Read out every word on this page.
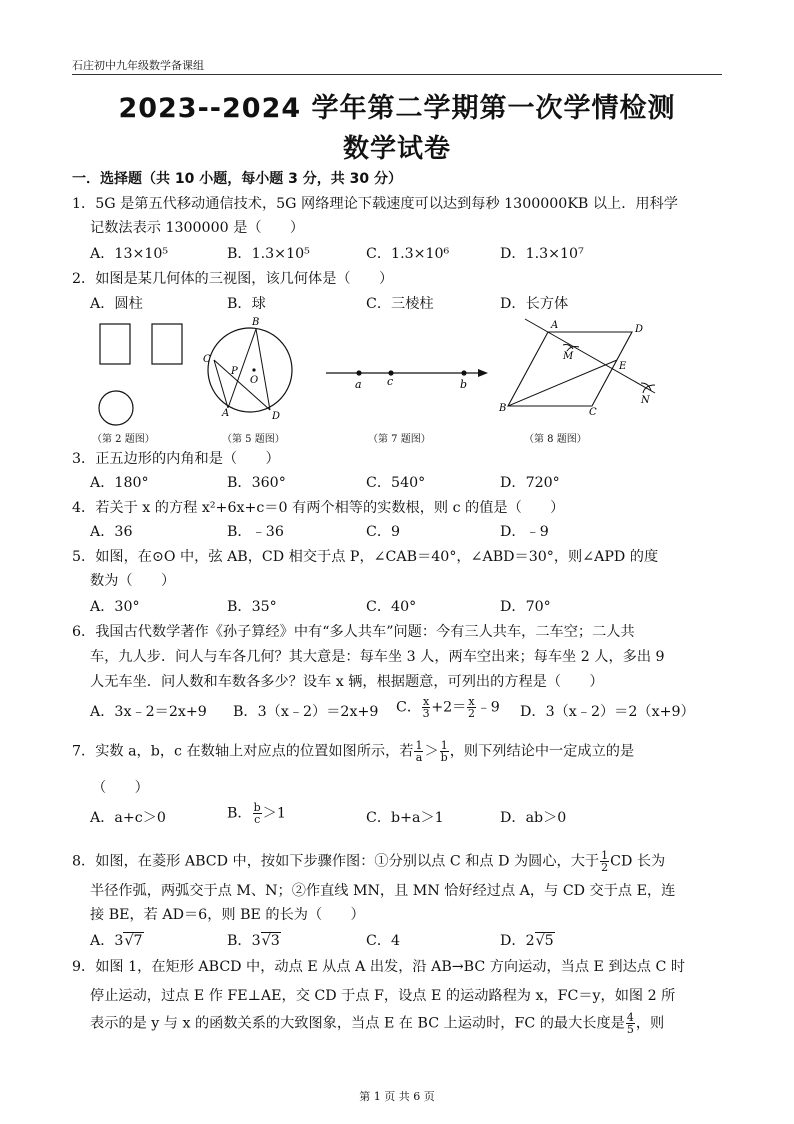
石庄初中九年级数学备课组
2023--2024 学年第二学期第一次学情检测
数学试卷
一．选择题（共 10 小题，每小题 3 分，共 30 分）
1．5G 是第五代移动通信技术，5G 网络理论下载速度可以达到每秒 1300000KB 以上．用科学
记数法表示 1300000 是（　　）
A．13×10⁵	B．1.3×10⁵	C．1.3×10⁶	D．1.3×10⁷
2．如图是某几何体的三视图，该几何体是（　　）
A．圆柱	B．球	C．三棱柱	D．长方体
（第 2 题图）
B
C
P
O
A	D
（第 5 题图）
a c	b
（第 7 题图）
A	D
M
E
B	C
N
（第 8 题图）
3．正五边形的内角和是（　　）
A．180°	B．360°	C．540°	D．720°
4．若关于 x 的方程 x²+6x+c＝0 有两个相等的实数根，则 c 的值是（　　）
A．36	B．﹣36	C．9	D．﹣9
5．如图，在⊙O 中，弦 AB，CD 相交于点 P，∠CAB＝40°，∠ABD＝30°，则∠APD 的度
数为（　　）
A．30°	B．35°	C．40°	D．70°
6．我国古代数学著作《孙子算经》中有“多人共车”问题：今有三人共车，二车空；二人共
车，九人步．问人与车各几何？其大意是：每车坐 3 人，两车空出来；每车坐 2 人，多出 9
人无车坐．问人数和车数各多少？设车 x 辆，根据题意，可列出的方程是（　　）
A．3x﹣2＝2x+9 B．3（x﹣2）＝2x+9 C． $\frac{x}{3} +2= \frac{x}{2}$ ﹣9 D．3（x﹣2）＝2（x+9）
7．实数 a，b，c 在数轴上对应点的位置如图所示，若 $\frac{1}{a} > \frac{1}{b}$ ，则下列结论中一定成立的是
（　　）
A．a+c＞0	B． $\frac{b}{c} >1$	C．b+a＞1	D．ab＞0
8．如图，在菱形 ABCD 中，按如下步骤作图：①分别以点 C 和点 D 为圆心，大于 $\frac{1}{2}$ CD 长为
半径作弧，两弧交于点 M、N；②作直线 MN，且 MN 恰好经过点 A，与 CD 交于点 E，连
接 BE，若 AD＝6，则 BE 的长为（　　）
A．3√7	B．3√3	C．4	D．2√5
9．如图 1，在矩形 ABCD 中，动点 E 从点 A 出发，沿 AB→BC 方向运动，当点 E 到达点 C 时
停止运动，过点 E 作 FE⊥AE，交 CD 于点 F，设点 E 的运动路程为 x，FC＝y，如图 2 所
表示的是 y 与 x 的函数关系的大致图象，当点 E 在 BC 上运动时，FC 的最大长度是 $\frac{4}{5}$ ，则
第 1 页 共 6 页
